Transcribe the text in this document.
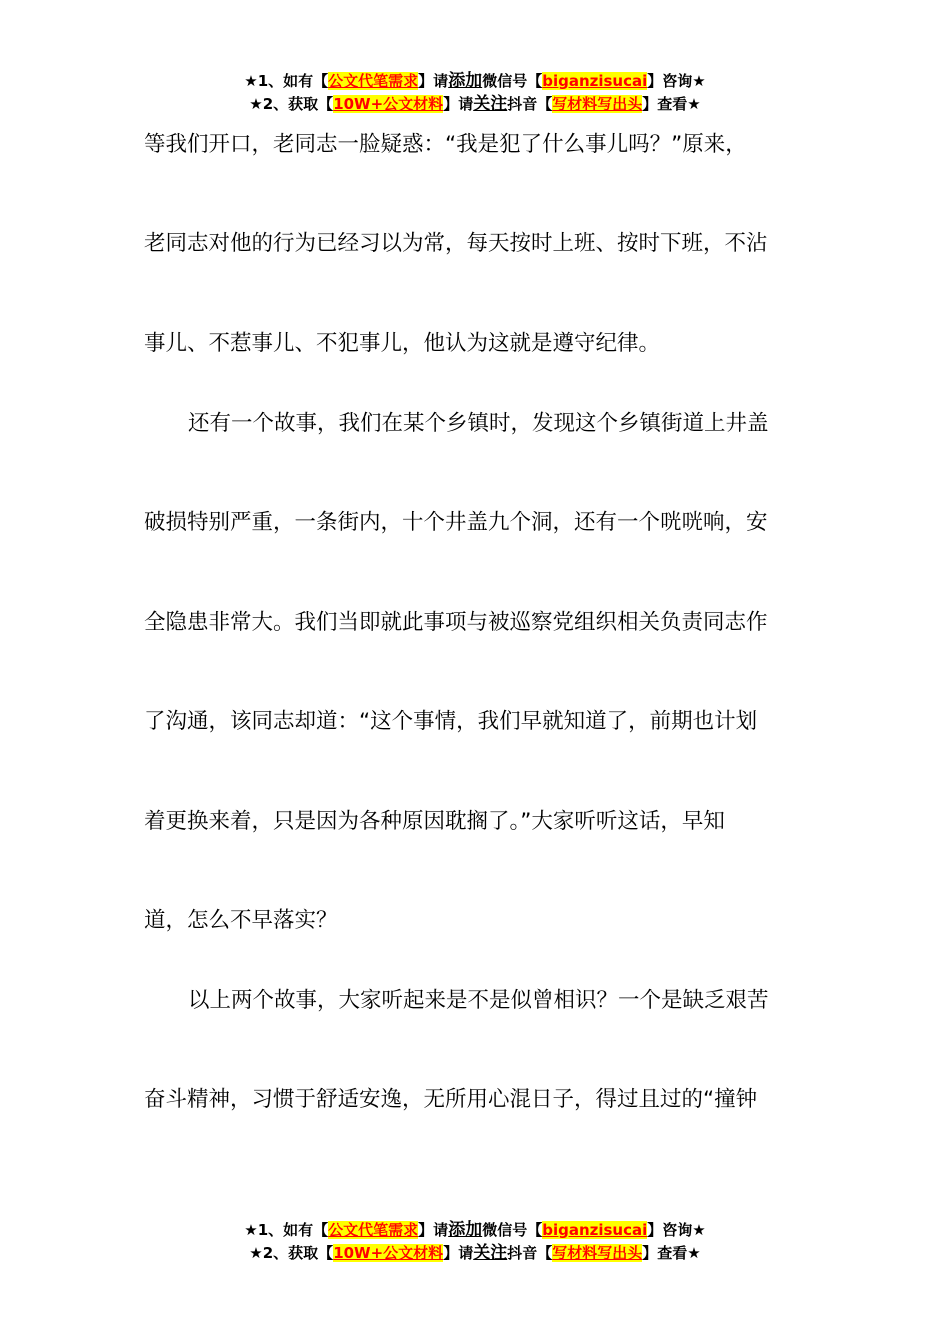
★1、如有【公文代笔需求】请添加微信号【biganzisucai】咨询★
★2、获取【10W+公文材料】请关注抖音【写材料写出头】查看★
等我们开口，老同志一脸疑惑：“我是犯了什么事儿吗？”原来，
老同志对他的行为已经习以为常，每天按时上班、按时下班，不沾
事儿、不惹事儿、不犯事儿，他认为这就是遵守纪律。
还有一个故事，我们在某个乡镇时，发现这个乡镇街道上井盖
破损特别严重，一条街内，十个井盖九个洞，还有一个咣咣响，安
全隐患非常大。我们当即就此事项与被巡察党组织相关负责同志作
了沟通，该同志却道：“这个事情，我们早就知道了，前期也计划
着更换来着，只是因为各种原因耽搁了。”大家听听这话，早知
道，怎么不早落实？
以上两个故事，大家听起来是不是似曾相识？一个是缺乏艰苦
奋斗精神，习惯于舒适安逸，无所用心混日子，得过且过的“撞钟
★1、如有【公文代笔需求】请添加微信号【biganzisucai】咨询★
★2、获取【10W+公文材料】请关注抖音【写材料写出头】查看★
